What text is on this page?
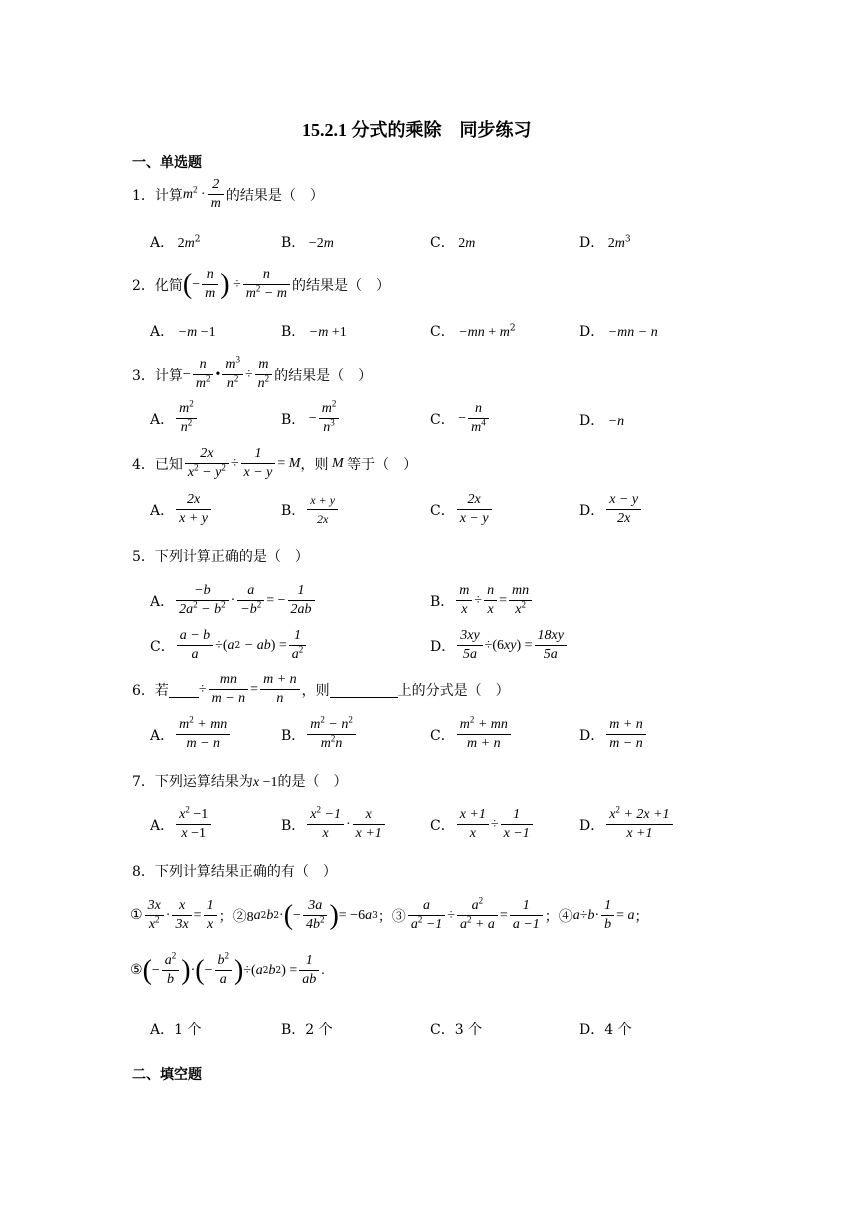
15.2.1 分式的乘除　同步练习
一、单选题
1．计算 $m^2 \cdot \frac{2}{m}$ 的结果是（　）
A． $2m^2$	B． −2m	C． 2m	D． $2m^3$
2．化简 ( − $\frac{n}{m}$ ) ÷ $\frac{n}{m^2 - m}$ 的结果是（　）
A． −m −1	B． −m +1	C． $-mn + m^2$	D． −mn − n
3．计算 − $\frac{n}{m^2}$ • $\frac{m^3}{n^2} \div \frac{m}{n^2}$ 的结果是（　）
A． $\frac{m^2}{n^2}$	B． − $\frac{m^2}{n^3}$	C． − $\frac{n}{m^4}$	D． −n
4．已知 $\frac{2x}{x^2 - y^2} \div \frac{1}{x - y} = M$ ，则 M 等于（　）
A． $\frac{2x}{x + y}$	B． $\frac{x + y}{2x}$	C． $\frac{2x}{x - y}$	D． $\frac{x - y}{2x}$
5．下列计算正确的是（　）
A． $\frac{-b}{2a^2 - b^2} \cdot \frac{a}{-b^2}$ = − $\frac{1}{2ab}$	B． $\frac{m}{x} \div \frac{n}{x} = \frac{mn}{x^2}$
C． $\frac{a - b}{a}$ ÷( a 2 − ab ) = $\frac{1}{a^2}$	D． $\frac{3xy}{5a} \div(6$ xy ) = $\frac{18xy}{5a}$
6．若
÷ $\frac{mn}{m - n} = \frac{m + n}{n}$ ，则
	上的分式是（　）
A． $\frac{m^2 + mn}{m - n}$	B． $\frac{m^2 - n^2}{m^2n}$	C． $\frac{m^2 + mn}{m + n}$	D． $\frac{m + n}{m - n}$
7．下列运算结果为x −1的是（　）
A． $\frac{x^2 -1}{x -1}$	B． $\frac{x^2 -1}{x} \cdot \frac{x}{x +1}$	C． $\frac{x +1}{x} \div \frac{1}{x -1}$	D． $\frac{x^2 + 2x +1}{x +1}$
8．下列计算结果正确的有（　）
① $\frac{3x}{x^2} \cdot \frac{x}{3x} = \frac{1}{x}$ ；②8 a 2 b 2 · ( − $\frac{3a}{4b^2}$ ) = −6 a 3 ；③ $\frac{a}{a^2 -1} \div \frac{a^2}{a^2 + a} = \frac{1}{a -1}$ ；④ $a \div b \cdot \frac{1}{b} = a$ ；
⑤ ( − $\frac{a^2}{b}$ ) · ( − $\frac{b^2}{a}$ ) ÷( a 2 b 2 ) = $\frac{1}{ab}$ .
A．1 个	B．2 个	C．3 个	D．4 个
二、填空题
